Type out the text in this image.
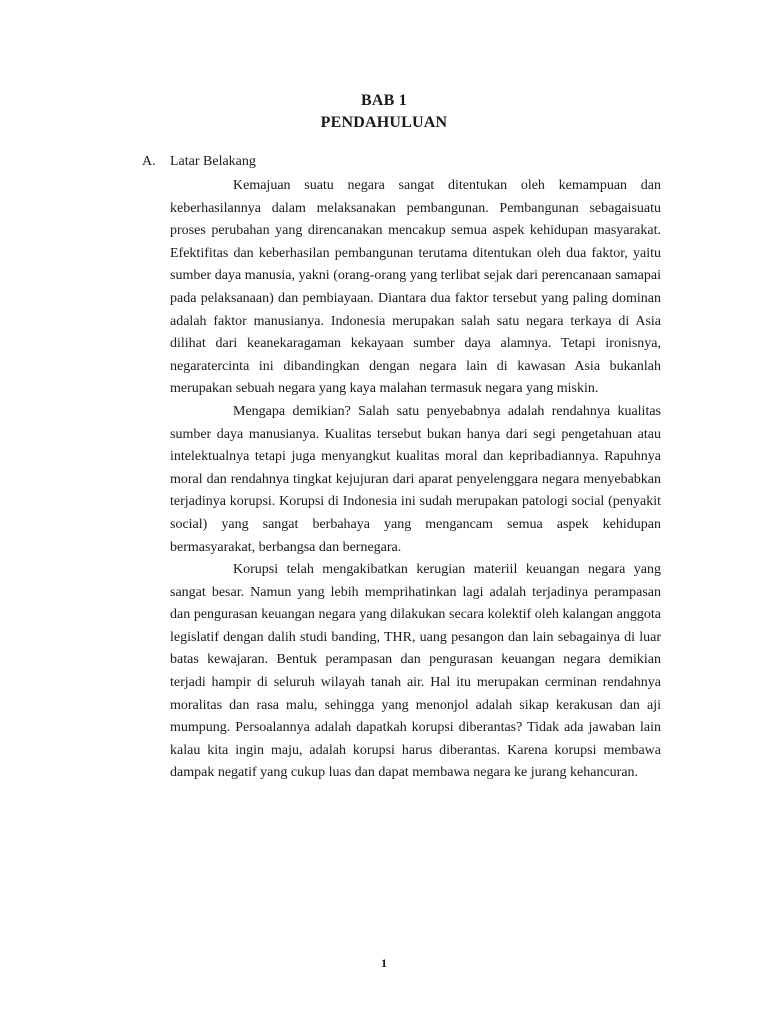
BAB 1
PENDAHULUAN
A. Latar Belakang

Kemajuan suatu negara sangat ditentukan oleh kemampuan dan keberhasilannya dalam melaksanakan pembangunan. Pembangunan sebagaisuatu proses perubahan yang direncanakan mencakup semua aspek kehidupan masyarakat. Efektifitas dan keberhasilan pembangunan terutama ditentukan oleh dua faktor, yaitu sumber daya manusia, yakni (orang-orang yang terlibat sejak dari perencanaan samapai pada pelaksanaan) dan pembiayaan. Diantara dua faktor tersebut yang paling dominan adalah faktor manusianya. Indonesia merupakan salah satu negara terkaya di Asia dilihat dari keanekaragaman kekayaan sumber daya alamnya. Tetapi ironisnya, negaratercinta ini dibandingkan dengan negara lain di kawasan Asia bukanlah merupakan sebuah negara yang kaya malahan termasuk negara yang miskin.

Mengapa demikian? Salah satu penyebabnya adalah rendahnya kualitas sumber daya manusianya. Kualitas tersebut bukan hanya dari segi pengetahuan atau intelektualnya tetapi juga menyangkut kualitas moral dan kepribadiannya. Rapuhnya moral dan rendahnya tingkat kejujuran dari aparat penyelenggara negara menyebabkan terjadinya korupsi. Korupsi di Indonesia ini sudah merupakan patologi social (penyakit social) yang sangat berbahaya yang mengancam semua aspek kehidupan bermasyarakat, berbangsa dan bernegara.

Korupsi telah mengakibatkan kerugian materiil keuangan negara yang sangat besar. Namun yang lebih memprihatinkan lagi adalah terjadinya perampasan dan pengurasan keuangan negara yang dilakukan secara kolektif oleh kalangan anggota legislatif dengan dalih studi banding, THR, uang pesangon dan lain sebagainya di luar batas kewajaran. Bentuk perampasan dan pengurasan keuangan negara demikian terjadi hampir di seluruh wilayah tanah air. Hal itu merupakan cerminan rendahnya moralitas dan rasa malu, sehingga yang menonjol adalah sikap kerakusan dan aji mumpung. Persoalannya adalah dapatkah korupsi diberantas? Tidak ada jawaban lain kalau kita ingin maju, adalah korupsi harus diberantas. Karena korupsi membawa dampak negatif yang cukup luas dan dapat membawa negara ke jurang kehancuran.

1
